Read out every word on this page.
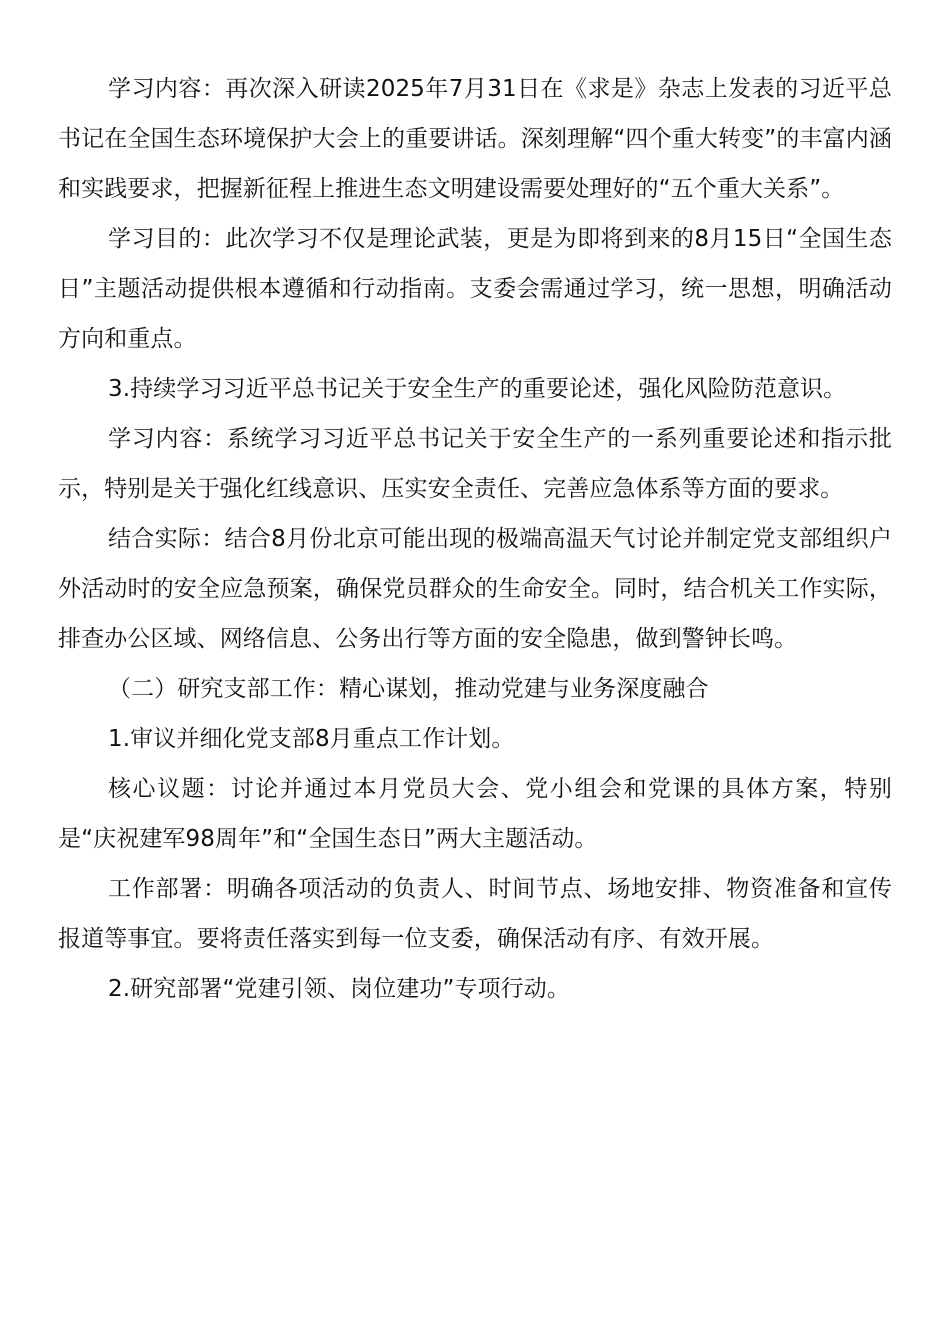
学习内容：再次深入研读2025年7月31日在《求是》杂志上发表的习近平总书记在全国生态环境保护大会上的重要讲话。深刻理解“四个重大转变”的丰富内涵和实践要求，把握新征程上推进生态文明建设需要处理好的“五个重大关系”。

学习目的：此次学习不仅是理论武装，更是为即将到来的8月15日“全国生态日”主题活动提供根本遵循和行动指南。支委会需通过学习，统一思想，明确活动方向和重点。

3.持续学习习近平总书记关于安全生产的重要论述，强化风险防范意识。

学习内容：系统学习习近平总书记关于安全生产的一系列重要论述和指示批示，特别是关于强化红线意识、压实安全责任、完善应急体系等方面的要求。

结合实际：结合8月份北京可能出现的极端高温天气讨论并制定党支部组织户外活动时的安全应急预案，确保党员群众的生命安全。同时，结合机关工作实际，排查办公区域、网络信息、公务出行等方面的安全隐患，做到警钟长鸣。

（二）研究支部工作：精心谋划，推动党建与业务深度融合

1.审议并细化党支部8月重点工作计划。

核心议题：讨论并通过本月党员大会、党小组会和党课的具体方案，特别是“庆祝建军98周年”和“全国生态日”两大主题活动。

工作部署：明确各项活动的负责人、时间节点、场地安排、物资准备和宣传报道等事宜。要将责任落实到每一位支委，确保活动有序、有效开展。

2.研究部署“党建引领、岗位建功”专项行动。
